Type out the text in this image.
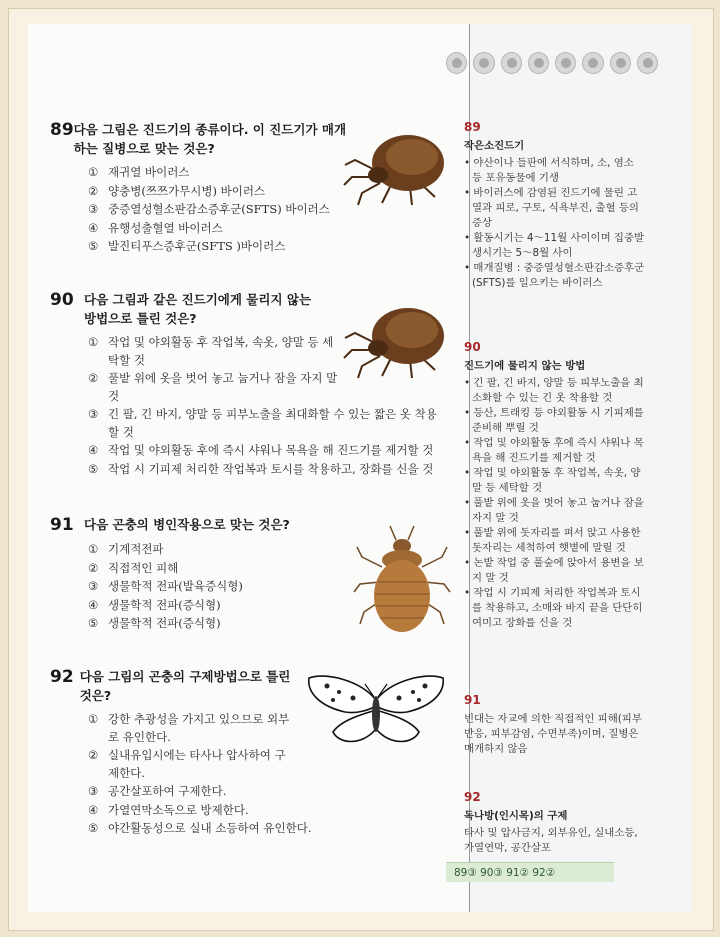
89 다음 그림은 진드기의 종류이다. 이 진드기가 매개하는 질병으로 맞는 것은?
① 재귀열 바이러스
② 양충병(쯔쯔가무시병) 바이러스
③ 중증열성혈소판감소증후군(SFTS) 바이러스
④ 유행성출혈열 바이러스
⑤ 발진티푸스증후군(SFTS )바이러스
90 다음 그림과 같은 진드기에게 물리지 않는 방법으로 틀린 것은?
① 작업 및 야외활동 후 작업복, 속옷, 양말 등 세탁할 것
② 풀밭 위에 옷을 벗어 놓고 눕거나 잠을 자지 말 것
③ 긴 팔, 긴 바지, 양말 등 피부노출을 최대화할 수 있는 짧은 옷 착용할 것
④ 작업 및 야외활동 후에 즉시 샤워나 목욕을 해 진드기를 제거할 것
⑤ 작업 시 기피제 처리한 작업복과 토시를 착용하고, 장화를 신을 것
91 다음 곤충의 병인작용으로 맞는 것은?
① 기계적전파
② 직접적인 피해
③ 생물학적 전파(발육증식형)
④ 생물학적 전파(증식형)
⑤ 생물학적 전파(증식형)
92 다음 그림의 곤충의 구제방법으로 틀린 것은?
① 강한 추광성을 가지고 있으므로 외부로 유인한다.
② 실내유입시에는 타사나 압사하여 구제한다.
③ 공간살포하여 구제한다.
④ 가열연막소독으로 방제한다.
⑤ 야간활동성으로 실내 소등하여 유인한다.
89
작은소진드기
• 야산이나 들판에 서식하며, 소, 염소 등 포유동물에 기생
• 바이러스에 감염된 진드기에 물린 고열과 피로, 구토, 식욕부진, 출혈 등의 증상
• 활동시기는 4～11월 사이이며 집중발생시기는 5～8월 사이
• 매개질병 : 중증열성혈소판감소증후군(SFTS)를 일으키는 바이러스
90
진드기에 물리지 않는 방법
• 긴 팔, 긴 바지, 양말 등 피부노출을 최소화할 수 있는 긴 옷 착용할 것
• 등산, 트래킹 등 야외활동 시 기피제를 준비해 뿌릴 것
• 작업 및 야외활동 후에 즉시 샤워나 목욕을 해 진드기를 제거할 것
• 작업 및 야외활동 후 작업복, 속옷, 양말 등 세탁할 것
• 풀밭 위에 옷을 벗어 놓고 눕거나 잠을 자지 말 것
• 풀밭 위에 돗자리를 펴서 앉고 사용한 돗자리는 세척하여 햇볕에 말릴 것
• 논밭 작업 중 풀숲에 앉아서 용변을 보지 말 것
• 작업 시 기피제 처리한 작업복과 토시를 착용하고, 소매와 바지 끝을 단단히 여미고 장화를 신을 것
91
빈대는 자교에 의한 직접적인 피해(피부반응, 피부감염, 수면부족)이며, 질병은 매개하지 않음
92
독나방(인시목)의 구제
타사 및 압사금지, 외부유인, 실내소등, 가열연막, 공간살포
89③ 90③ 91② 92②
